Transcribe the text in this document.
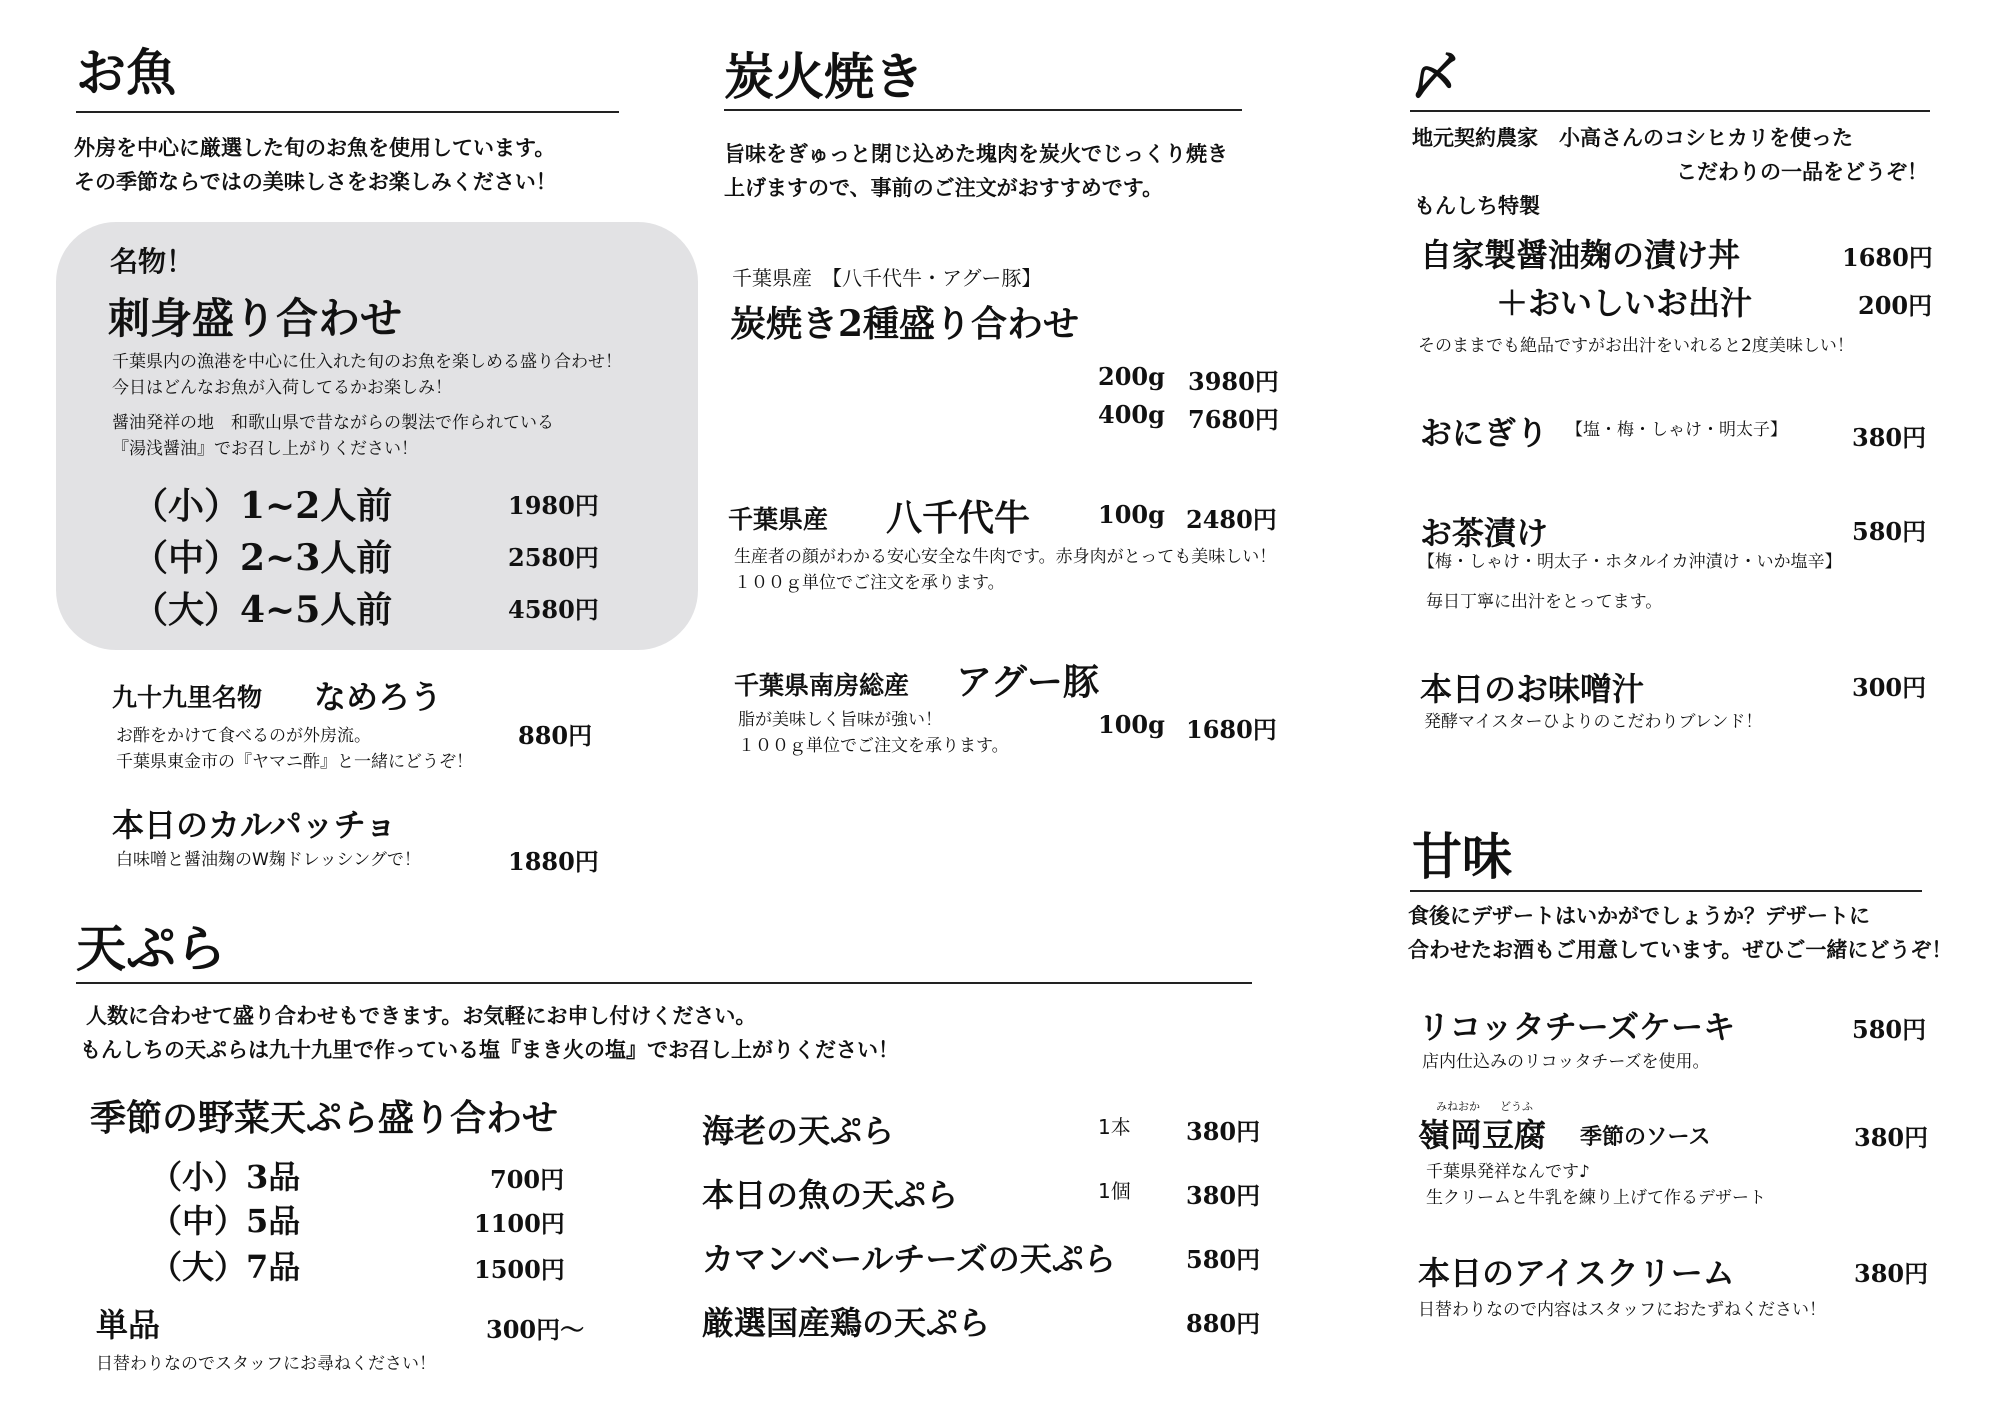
お魚
外房を中心に厳選した旬のお魚を使用しています。
その季節ならではの美味しさをお楽しみください！
名物！
刺身盛り合わせ
千葉県内の漁港を中心に仕入れた旬のお魚を楽しめる盛り合わせ！
今日はどんなお魚が入荷してるかお楽しみ！
醤油発祥の地　和歌山県で昔ながらの製法で作られている
『湯浅醤油』でお召し上がりください！
（小）1~2人前	1980円
（中）2~3人前	2580円
（大）4~5人前	4580円
九十九里名物 なめろう
お酢をかけて食べるのが外房流。
千葉県東金市の『ヤマニ酢』と一緒にどうぞ！
880円
本日のカルパッチョ
白味噌と醤油麹のW麹ドレッシングで！	1880円
炭火焼き
旨味をぎゅっと閉じ込めた塊肉を炭火でじっくり焼き
上げますので、事前のご注文がおすすめです。
千葉県産　【八千代牛・アグー豚】
炭焼き2種盛り合わせ
200g 3980円
400g 7680円
千葉県産 八千代牛	100g 2480円
生産者の顔がわかる安心安全な牛肉です。赤身肉がとっても美味しい！
１００ｇ単位でご注文を承ります。
千葉県南房総産 アグー豚
脂が美味しく旨味が強い！
１００ｇ単位でご注文を承ります。
100g 1680円
〆
地元契約農家　小高さんのコシヒカリを使った
こだわりの一品をどうぞ！
もんしち特製
自家製醤油麹の漬け丼	1680円
＋おいしいお出汁	200円
そのままでも絶品ですがお出汁をいれると2度美味しい！
おにぎり 【塩・梅・しゃけ・明太子】	380円
お茶漬け	580円
【梅・しゃけ・明太子・ホタルイカ沖漬け・いか塩辛】
毎日丁寧に出汁をとってます。
本日のお味噌汁	300円
発酵マイスターひよりのこだわりブレンド！
天ぷら
人数に合わせて盛り合わせもできます。お気軽にお申し付けください。
もんしちの天ぷらは九十九里で作っている塩『まき火の塩』でお召し上がりください！
季節の野菜天ぷら盛り合わせ
（小）3品	700円
（中）5品	1100円
（大）7品	1500円
単品	300円～
日替わりなのでスタッフにお尋ねください！
海老の天ぷら	1本 380円
本日の魚の天ぷら	1個 380円
カマンベールチーズの天ぷら	580円
厳選国産鶏の天ぷら	880円
甘味
食後にデザートはいかがでしょうか？デザートに
合わせたお酒もご用意しています。ぜひご一緒にどうぞ！
リコッタチーズケーキ	580円
店内仕込みのリコッタチーズを使用。
みねおか どうふ
嶺岡豆腐 季節のソース	380円
千葉県発祥なんです♪
生クリームと牛乳を練り上げて作るデザート
本日のアイスクリーム	380円
日替わりなので内容はスタッフにおたずねください！
